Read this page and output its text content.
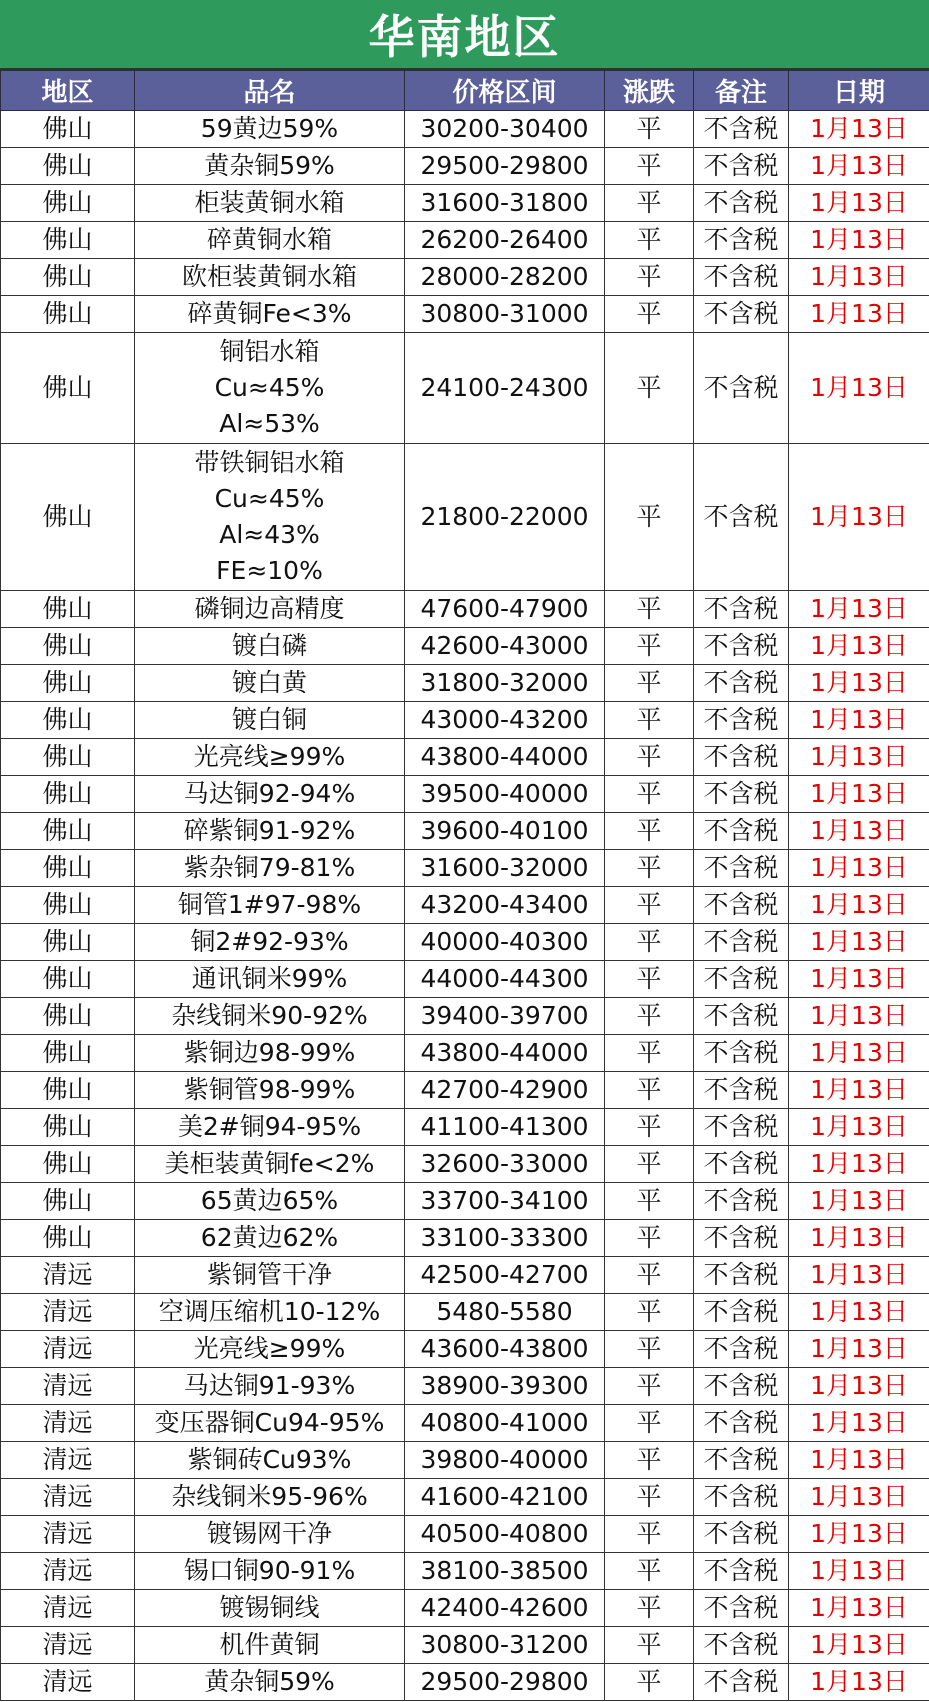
华南地区
地区	品名	价格区间	涨跌	备注	日期
佛山	59黄边59%	30200-30400	平	不含税	1月13日
佛山	黄杂铜59%	29500-29800	平	不含税	1月13日
佛山	柜装黄铜水箱	31600-31800	平	不含税	1月13日
佛山	碎黄铜水箱	26200-26400	平	不含税	1月13日
佛山	欧柜装黄铜水箱	28000-28200	平	不含税	1月13日
佛山	碎黄铜Fe<3%	30800-31000	平	不含税	1月13日
佛山	铜铝水箱
Cu≈45%
Al≈53%	24100-24300	平	不含税	1月13日
佛山	带铁铜铝水箱
Cu≈45%
Al≈43%
FE≈10%	21800-22000	平	不含税	1月13日
佛山	磷铜边高精度	47600-47900	平	不含税	1月13日
佛山	镀白磷	42600-43000	平	不含税	1月13日
佛山	镀白黄	31800-32000	平	不含税	1月13日
佛山	镀白铜	43000-43200	平	不含税	1月13日
佛山	光亮线≥99%	43800-44000	平	不含税	1月13日
佛山	马达铜92-94%	39500-40000	平	不含税	1月13日
佛山	碎紫铜91-92%	39600-40100	平	不含税	1月13日
佛山	紫杂铜79-81%	31600-32000	平	不含税	1月13日
佛山	铜管1#97-98%	43200-43400	平	不含税	1月13日
佛山	铜2#92-93%	40000-40300	平	不含税	1月13日
佛山	通讯铜米99%	44000-44300	平	不含税	1月13日
佛山	杂线铜米90-92%	39400-39700	平	不含税	1月13日
佛山	紫铜边98-99%	43800-44000	平	不含税	1月13日
佛山	紫铜管98-99%	42700-42900	平	不含税	1月13日
佛山	美2#铜94-95%	41100-41300	平	不含税	1月13日
佛山	美柜装黄铜fe<2%	32600-33000	平	不含税	1月13日
佛山	65黄边65%	33700-34100	平	不含税	1月13日
佛山	62黄边62%	33100-33300	平	不含税	1月13日
清远	紫铜管干净	42500-42700	平	不含税	1月13日
清远	空调压缩机10-12%	5480-5580	平	不含税	1月13日
清远	光亮线≥99%	43600-43800	平	不含税	1月13日
清远	马达铜91-93%	38900-39300	平	不含税	1月13日
清远	变压器铜Cu94-95%	40800-41000	平	不含税	1月13日
清远	紫铜砖Cu93%	39800-40000	平	不含税	1月13日
清远	杂线铜米95-96%	41600-42100	平	不含税	1月13日
清远	镀锡网干净	40500-40800	平	不含税	1月13日
清远	锡口铜90-91%	38100-38500	平	不含税	1月13日
清远	镀锡铜线	42400-42600	平	不含税	1月13日
清远	机件黄铜	30800-31200	平	不含税	1月13日
清远	黄杂铜59%	29500-29800	平	不含税	1月13日
